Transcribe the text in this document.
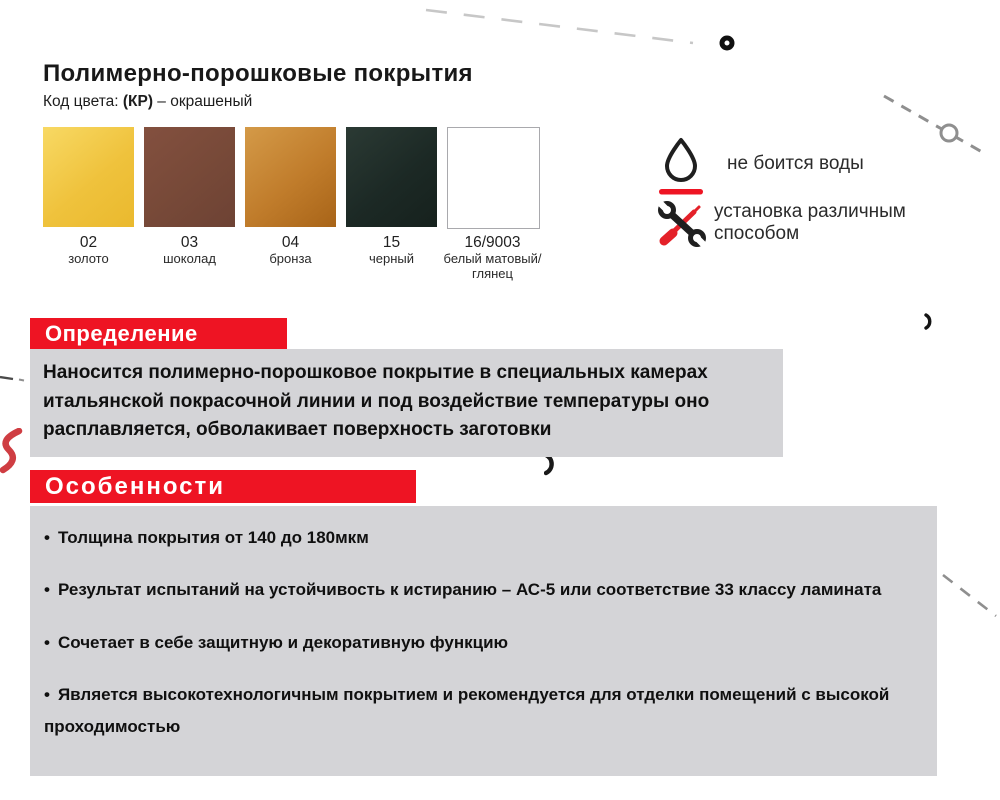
Полимерно-порошковые покрытия
Код цвета: (КР) – окрашеный
02
золото
03
шоколад
04
бронза
15
черный
16/9003
белый матовый/глянец
не боится воды
установка различным способом
Определение
Наносится полимерно-порошковое покрытие в специальных камерах итальянской покрасочной линии и под воздействие температуры оно расплавляется, обволакивает поверхность заготовки
Особенности
• Толщина покрытия от 140 до 180мкм
• Результат испытаний на устойчивость к истиранию – АС-5 или соответствие 33 классу ламината
• Сочетает в себе защитную и декоративную функцию
• Является высокотехнологичным покрытием и рекомендуется для отделки помещений с высокой проходимостью
